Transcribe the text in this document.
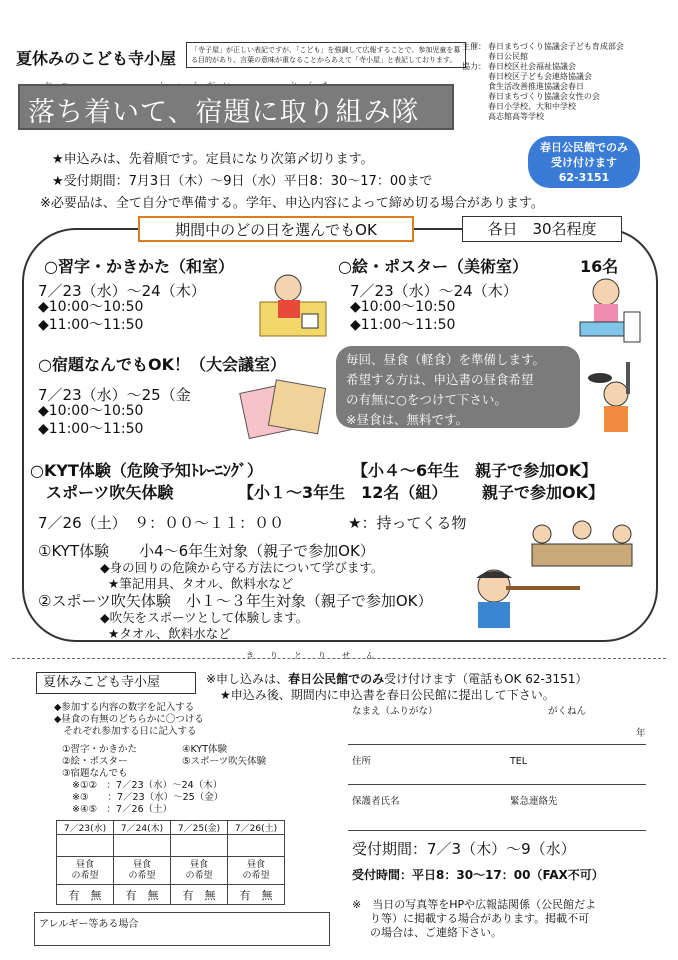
夏休みのこども寺小屋	「寺子屋」が正しい表記ですが、「こども」を強調して広報することで、参加児童を募る目的があり、言葉の意味が重なることからあえて「寺小屋」と表記しております。
主催： 春日まちづくり協議会子ども育成部会
春日公民館
協力： 春日校区社会福祉協議会
春日校区子ども会連絡協議会
食生活改善推進協議会春日
春日まちづくり協議会女性の会
春日小学校、大和中学校
高志館高等学校
落ち着いて、宿題に取り組み隊
★申込みは、先着順です。定員になり次第〆切ります。
★受付期間：7月3日（木）～9日（水）平日8：30～17：00まで
※必要品は、全て自分で準備する。学年、申込内容によって締め切る場合があります。
春日公民館でのみ
受け付けます
62-3151
期間中のどの日を選んでもOK	各日　30名程度
○習字・かきかた（和室）
7／23（水）～24（木）
◆10:00～10:50
◆11:00～11:50
○絵・ポスター（美術室）	16名
7／23（水）～24（木）
◆10:00～10:50
◆11:00～11:50
○宿題なんでもOK！（大会議室）
7／23（水）～25（金
◆10:00～10:50
◆11:00～11:50
毎回、昼食（軽食）を準備します。
希望する方は、申込書の昼食希望
の有無に○をつけて下さい。
※昼食は、無料です。
○KYT体験（危険予知ﾄﾚｰﾆﾝｸﾞ）	【小４～6年生　親子で参加OK】
スポーツ吹矢体験	【小１～3年生　12名（組） 親子で参加OK】
7／26（土）　９：００～１１：００	★：持ってくる物
①KYT体験　　小4～6年生対象（親子で参加OK）
◆身の回りの危険から守る方法について学びます。
★筆記用具、タオル、飲料水など
②スポーツ吹矢体験　小１～３年生対象（親子で参加OK）
◆吹矢をスポーツとして体験します。
★タオル、飲料水など
き　　り　　と　　り　　せ　　ん
夏休みこども寺小屋	※申し込みは、春日公民館でのみ受け付けます（電話もOK 62-3151）
★申込み後、期間内に申込書を春日公民館に提出して下さい。
◆参加する内容の数字を記入する
◆昼食の有無のどちらかに〇つける
　それぞれ参加する日に記入する
①習字・かきかた	④KYT体験
②絵・ポスター	⑤スポーツ吹矢体験
③宿題なんでも
※①②　：7／23（水）～24（木）
※③　　：7／23（水）～25（金）
※④⑤　：7／26（土）
7／23(水)	7／24(木)	7／25(金)	7／26(土)

昼食
の希望	昼食
の希望	昼食
の希望	昼食
の希望
有　無	有　無	有　無	有　無
アレルギー等ある場合
なまえ（ふりがな）	がくねん
年
住所	TEL
保護者氏名	緊急連絡先
受付期間：7／3（木）～9（水）
受付時間：平日8：30～17：00（FAX不可）
※　当日の写真等をHPや広報誌関係（公民館だよ
り等）に掲載する場合があります。掲載不可
の場合は、ご連絡下さい。
